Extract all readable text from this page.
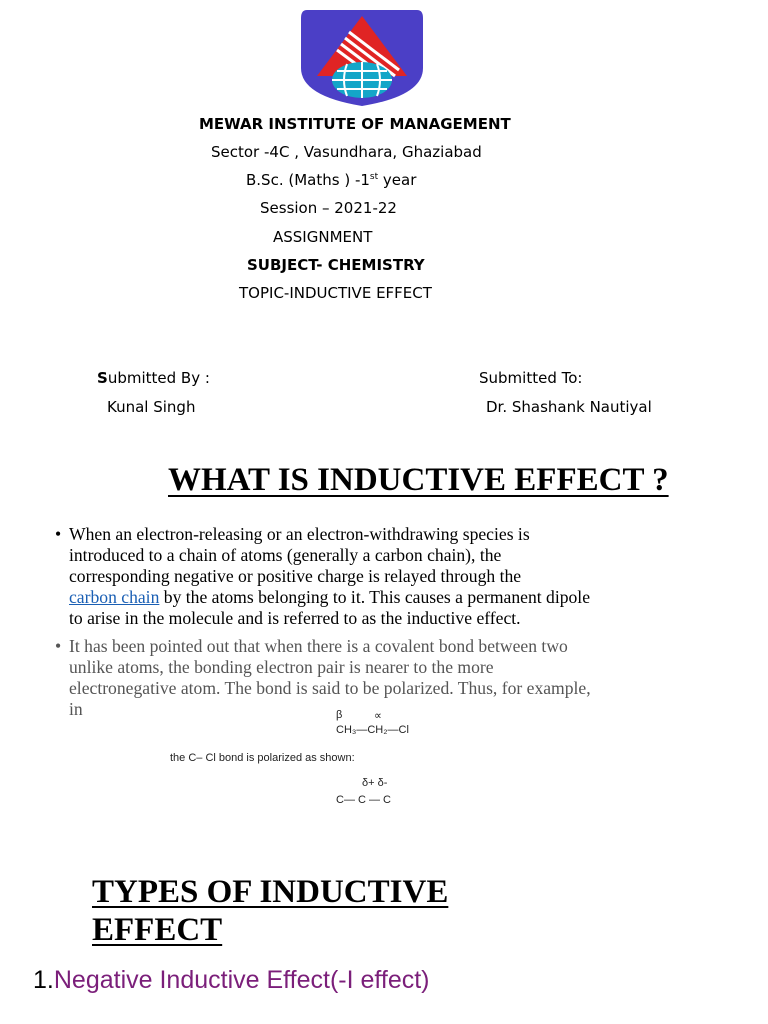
MEWAR INSTITUTE OF MANAGEMENT
Sector -4C , Vasundhara, Ghaziabad
B.Sc. (Maths ) -1st year
Session – 2021-22
ASSIGNMENT
SUBJECT- CHEMISTRY
TOPIC-INDUCTIVE EFFECT
Submitted By :
Kunal Singh
Submitted To:
Dr. Shashank Nautiyal
WHAT IS INDUCTIVE EFFECT ?
• When an electron-releasing or an electron-withdrawing species is
introduced to a chain of atoms (generally a carbon chain), the
corresponding negative or positive charge is relayed through the
carbon chain by the atoms belonging to it. This causes a permanent dipole
to arise in the molecule and is referred to as the inductive effect.
• It has been pointed out that when there is a covalent bond between two
unlike atoms, the bonding electron pair is nearer to the more
electronegative atom. The bond is said to be polarized. Thus, for example,
in	β	∝
CH₃—CH₂—Cl
the C– Cl bond is polarized as shown:
δ+ δ-
C— C — C
TYPES OF INDUCTIVE
EFFECT
1.Negative Inductive Effect(-I effect)
